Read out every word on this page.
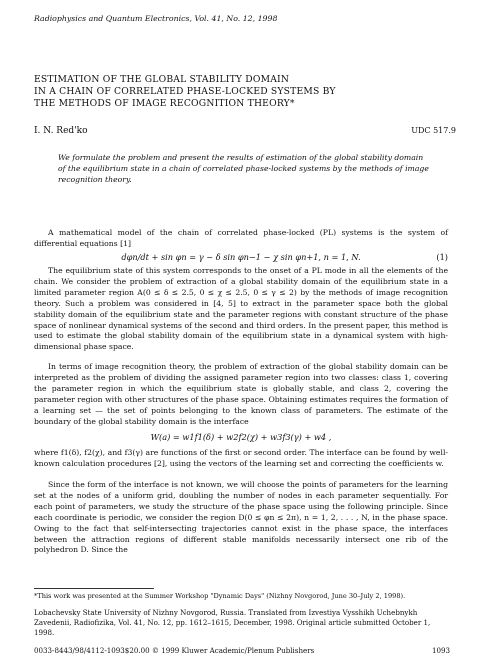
Radiophysics and Quantum Electronics, Vol. 41, No. 12, 1998
ESTIMATION OF THE GLOBAL STABILITY DOMAIN
IN A CHAIN OF CORRELATED PHASE-LOCKED SYSTEMS BY
THE METHODS OF IMAGE RECOGNITION THEORY*
I. N. Red'ko	UDC 517.9
We formulate the problem and present the results of estimation of the global stability domain of the equilibrium state in a chain of correlated phase-locked systems by the methods of image recognition theory.

A mathematical model of the chain of correlated phase-locked (PL) systems is the system of differential equations [1]

dφn/dt + sin φn = γ − δ sin φn−1 − χ sin φn+1, n = 1, N.	(1)

The equilibrium state of this system corresponds to the onset of a PL mode in all the elements of the chain. We consider the problem of extraction of a global stability domain of the equilibrium state in a limited parameter region A(0 ≤ δ ≤ 2.5, 0 ≤ χ ≤ 2.5, 0 ≤ γ ≤ 2) by the methods of image recognition theory. Such a problem was considered in [4, 5] to extract in the parameter space both the global stability domain of the equilibrium state and the parameter regions with constant structure of the phase space of nonlinear dynamical systems of the second and third orders. In the present paper, this method is used to estimate the global stability domain of the equilibrium state in a dynamical system with high-dimensional phase space.

In terms of image recognition theory, the problem of extraction of the global stability domain can be interpreted as the problem of dividing the assigned parameter region into two classes: class 1, covering the parameter region in which the equilibrium state is globally stable, and class 2, covering the parameter region with other structures of the phase space. Obtaining estimates requires the formation of a learning set — the set of points belonging to the known class of parameters. The estimate of the boundary of the global stability domain is the interface

W(a) = w1f1(δ) + w2f2(χ) + w3f3(γ) + w4 ,

where f1(δ), f2(χ), and f3(γ) are functions of the first or second order. The interface can be found by well-known calculation procedures [2], using the vectors of the learning set and correcting the coefficients w.

Since the form of the interface is not known, we will choose the points of parameters for the learning set at the nodes of a uniform grid, doubling the number of nodes in each parameter sequentially. For each point of parameters, we study the structure of the phase space using the following principle. Since each coordinate is periodic, we consider the region D(0 ≤ φn ≤ 2π), n = 1, 2, . . . , N, in the phase space. Owing to the fact that self-intersecting trajectories cannot exist in the phase space, the interfaces between the attraction regions of different stable manifolds necessarily intersect one rib of the polyhedron D. Since the

*This work was presented at the Summer Workshop "Dynamic Days" (Nizhny Novgorod, June 30–July 2, 1998).
Lobachevsky State University of Nizhny Novgorod, Russia. Translated from Izvestiya Vysshikh Uchebnykh Zavedenii, Radiofizika, Vol. 41, No. 12, pp. 1612–1615, December, 1998. Original article submitted October 1, 1998.
0033-8443/98/4112-1093$20.00 © 1999 Kluwer Academic/Plenum Publishers	1093
